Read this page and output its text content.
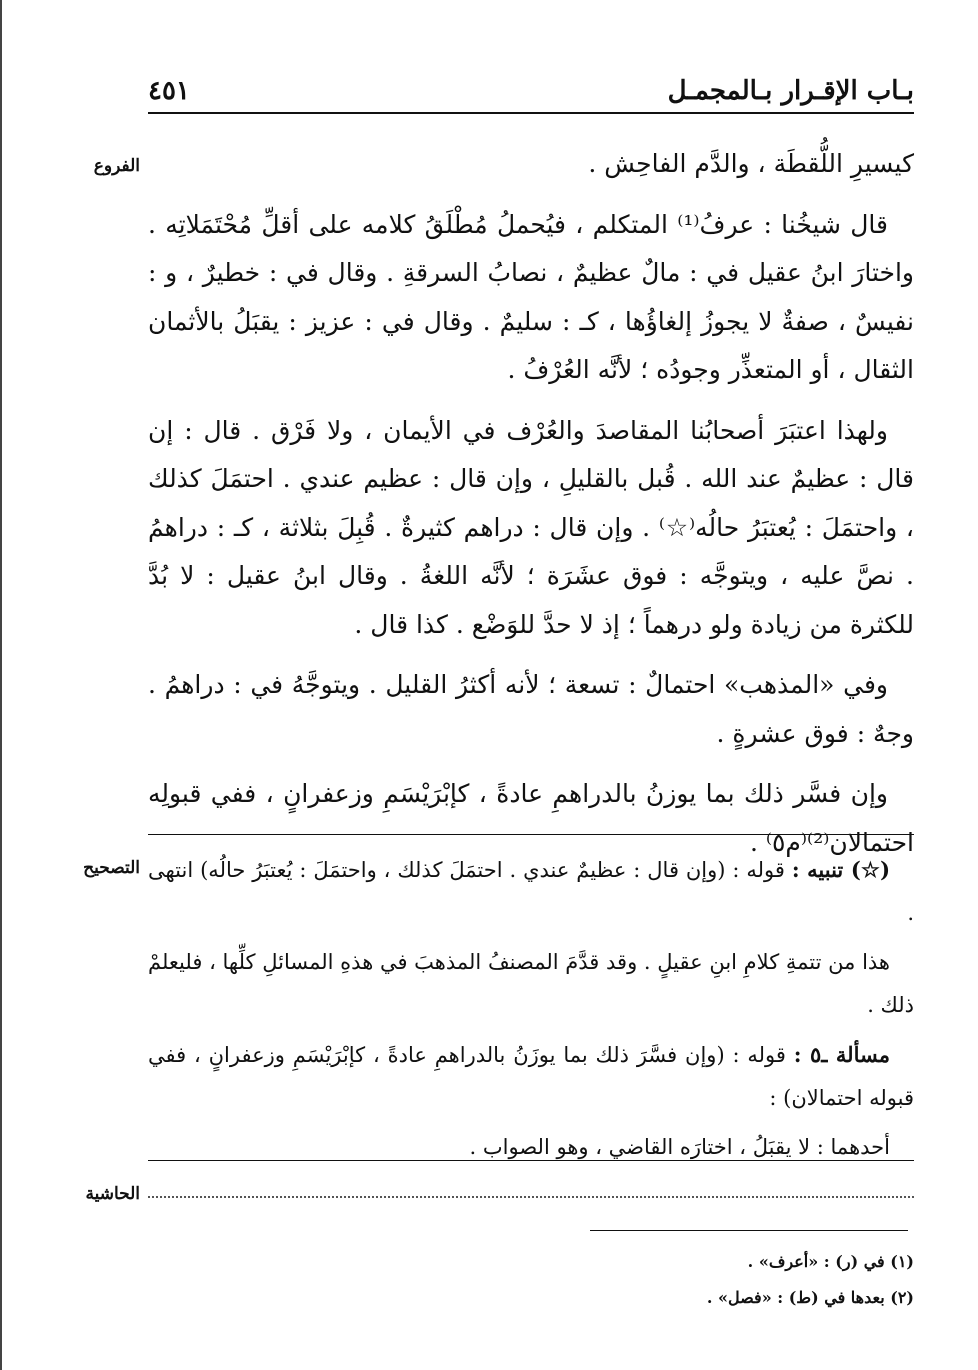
بـاب الإقـرار بـالمجمـل
٤٥١
الفروع	كيسيرِ اللُّقطَة ، والدَّم الفاحِش .

قال شيخُنا : عرفُ⁽¹⁾ المتكلم ، فيُحملُ مُطْلَقُ كلامه على أقلِّ مُحْتَمَلاتِه . واختارَ ابنُ عقيل في : مالٌ عظيمٌ ، نصابُ السرقةِ . وقال في : خطيرٌ ، و : نفيسٌ ، صفةٌ لا يجوزُ إلغاؤُها ، كـ : سليمٌ . وقال في : عزيز : يقبَلُ بالأثمان الثقال ، أو المتعذِّر وجودُه ؛ لأنَّه العُرْفُ .

ولهذا اعتبَرَ أصحابُنا المقاصدَ والعُرْف في الأيمان ، ولا فَرْق . قال : إن قال : عظيمٌ عند الله . قُبل بالقليلِ ، وإن قال : عظيم عندي . احتمَلَ كذلك ، واحتمَلَ : يُعتبَرُ حالُه⁽☆⁾ . وإن قال : دراهم كثيرةٌ . قُبِلَ بثلاثة ، كـ : دراهمُ . نصَّ عليه ، ويتوجَّه : فوق عشَرَة ؛ لأنَّه اللغةُ . وقال ابنُ عقيل : لا بُدَّ للكثرة من زيادة ولو درهماً ؛ إذ لا حدَّ للوَضْع . كذا قال .

وفي «المذهب» احتمالٌ : تسعة ؛ لأنه أكثرُ القليل . ويتوجَّهُ في : دراهمُ . وجهٌ : فوق عشرةٍ .

وإن فسَّر ذلك بما يوزنُ بالدراهمِ عادةً ، كإبْرَيْسَمِ وزعفرانٍ ، ففي قبولِه احتمالان⁽²⁾⁽م٥⁾ .

التصحيح	(☆) تنبيه : قوله : (وإن قال : عظيمٌ عندي . احتمَلَ كذلك ، واحتمَلَ : يُعتبَرُ حالُه) انتهى .

هذا من تتمةِ كلامِ ابنِ عقيلٍ . وقد قدَّمَ المصنفُ المذهبَ في هذهِ المسائلِ كلِّها ، فليعلمْ ذلك .

مسألة ـ٥ : قوله : (وإن فسَّرَ ذلك بما يوزَنُ بالدراهمِ عادةً ، كإبْرَيْسَمِ وزعفرانٍ ، ففي قبوله احتمالان) :

أحدهما : لا يقبَلُ ، اختارَه القاضي ، وهو الصواب .

الحاشية
(١) في (ر) : «أعرف» .
(٢) بعدها في (ط) : «فصل» .
